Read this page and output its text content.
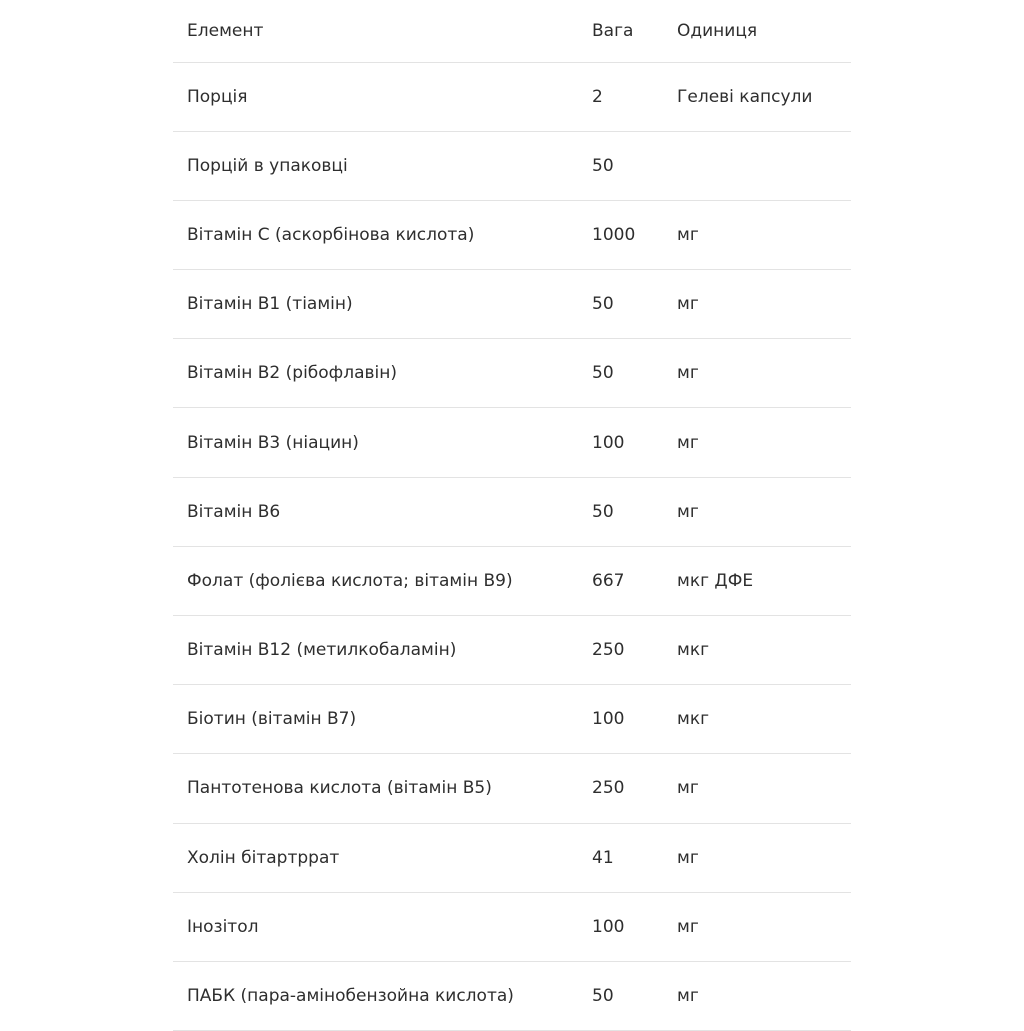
Елемент	Вага	Одиниця
Порція	2	Гелеві капсули
Порцій в упаковці	50
Вітамін С (аскорбінова кислота)	1000	мг
Вітамін В1 (тіамін)	50	мг
Вітамін В2 (рібофлавін)	50	мг
Вітамін В3 (ніацин)	100	мг
Вітамін В6	50	мг
Фолат (фолієва кислота; вітамін В9)	667	мкг ДФЕ
Вітамін В12 (метилкобаламін)	250	мкг
Біотин (вітамін В7)	100	мкг
Пантотенова кислота (вітамін В5)	250	мг
Холін бітартррат	41	мг
Інозітол	100	мг
ПАБК (пара-амінобензойна кислота)	50	мг
